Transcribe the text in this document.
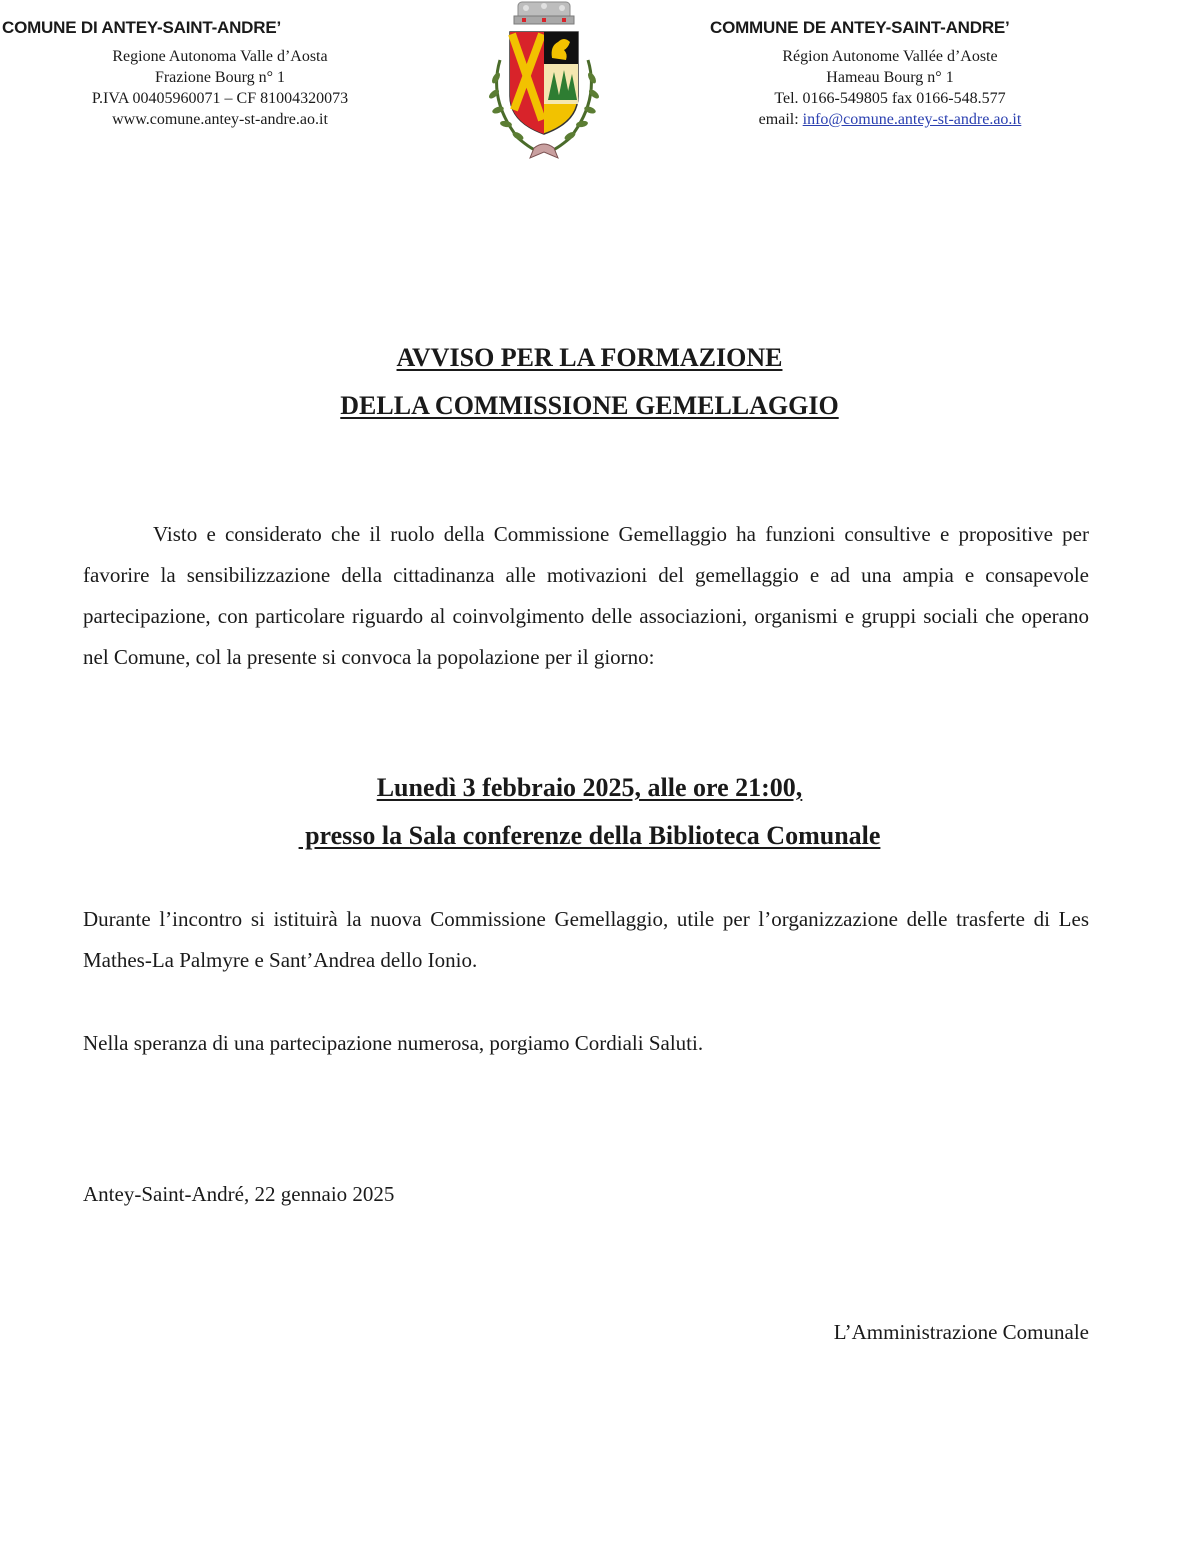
COMUNE DI ANTEY-SAINT-ANDRE’
Regione Autonoma Valle d’Aosta
Frazione Bourg n° 1
P.IVA 00405960071 – CF 81004320073
www.comune.antey-st-andre.ao.it
COMMUNE DE ANTEY-SAINT-ANDRE’
Région Autonome Vallée d’Aoste
Hameau Bourg n° 1
Tel. 0166-549805 fax 0166-548.577
email: info@comune.antey-st-andre.ao.it
AVVISO PER LA FORMAZIONE
DELLA COMMISSIONE GEMELLAGGIO
Visto e considerato che il ruolo della Commissione Gemellaggio ha funzioni consultive e propositive per favorire la sensibilizzazione della cittadinanza alle motivazioni del gemellaggio e ad una ampia e consapevole partecipazione, con particolare riguardo al coinvolgimento delle associazioni, organismi e gruppi sociali che operano nel Comune, col la presente si convoca la popolazione per il giorno:
Lunedì 3 febbraio 2025, alle ore 21:00,
presso la Sala conferenze della Biblioteca Comunale
Durante l’incontro si istituirà la nuova Commissione Gemellaggio, utile per l’organizzazione delle trasferte di Les Mathes-La Palmyre e Sant’Andrea dello Ionio.
Nella speranza di una partecipazione numerosa, porgiamo Cordiali Saluti.
Antey-Saint-André, 22 gennaio 2025
L’Amministrazione Comunale
